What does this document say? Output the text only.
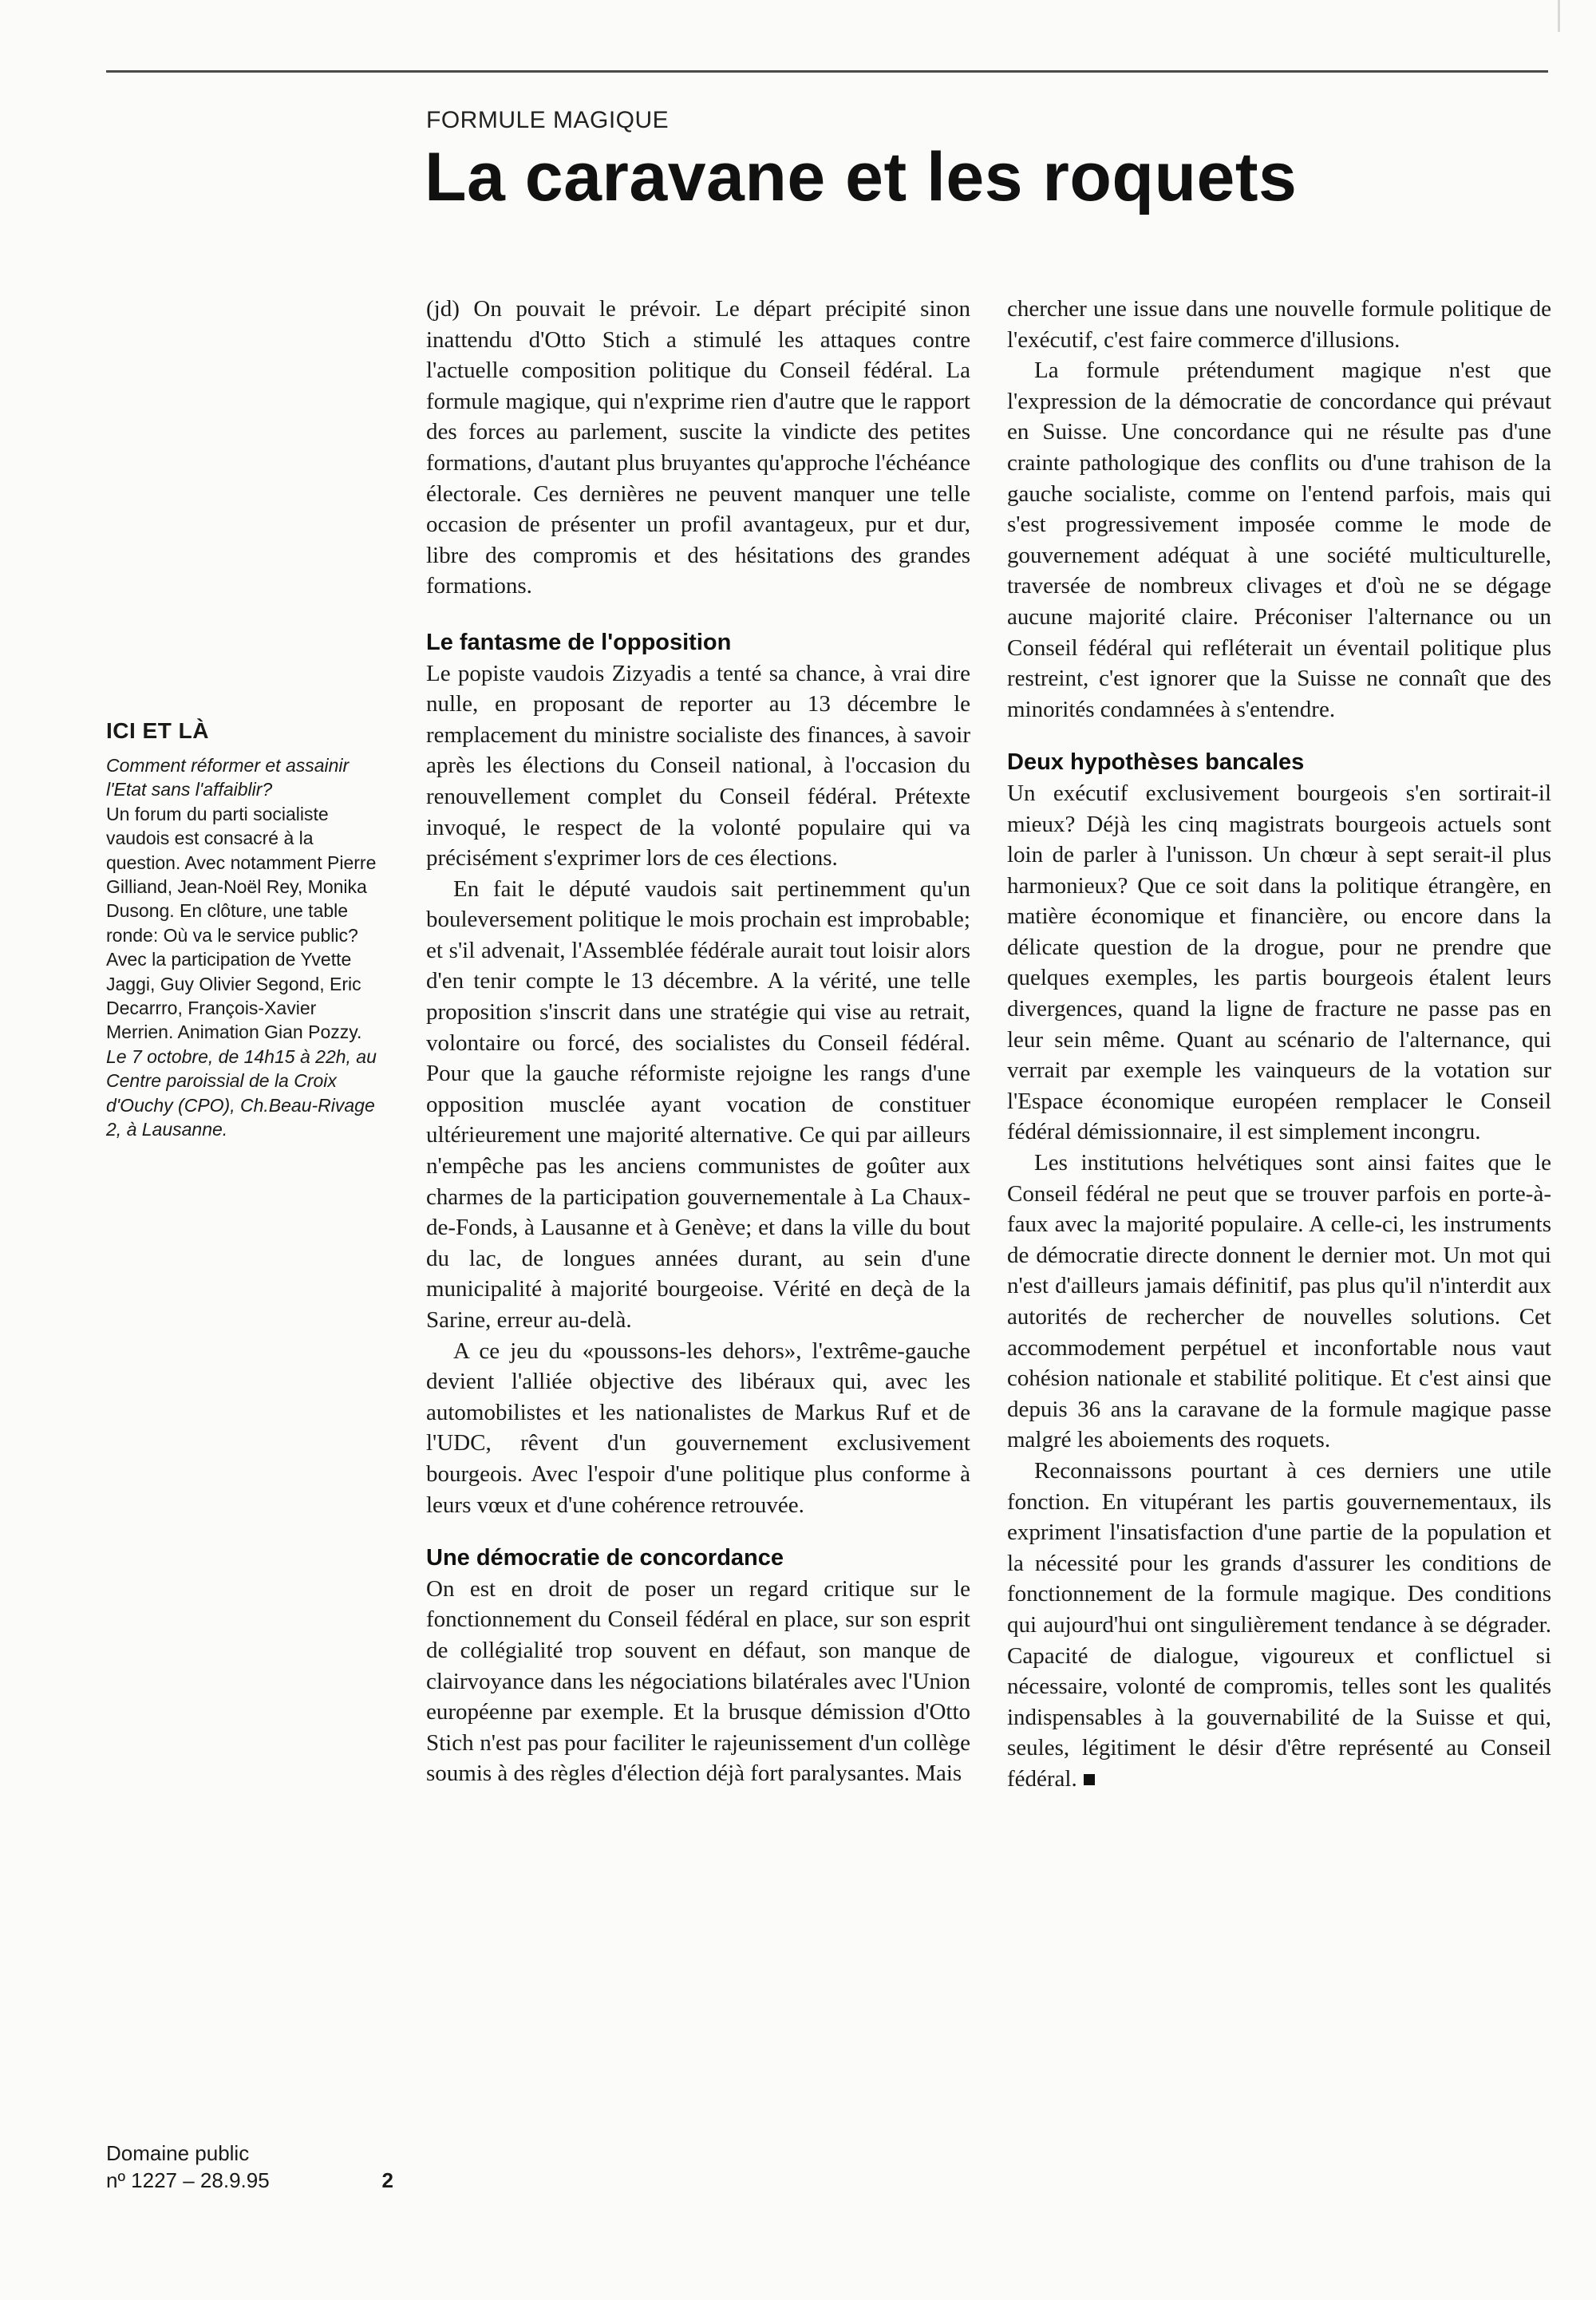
FORMULE MAGIQUE
La caravane et les roquets
ICI ET LÀ

Comment réformer et assainir l'Etat sans l'affaiblir?

Un forum du parti socialiste vaudois est consacré à la question. Avec notamment Pierre Gilliand, Jean-Noël Rey, Monika Dusong. En clôture, une table ronde: Où va le service public? Avec la participation de Yvette Jaggi, Guy Olivier Segond, Eric Decarrro, François-Xavier Merrien. Animation Gian Pozzy.

Le 7 octobre, de 14h15 à 22h, au Centre paroissial de la Croix d'Ouchy (CPO), Ch.Beau-Rivage 2, à Lausanne.

Domaine public
nº 1227 – 28.9.95	2

(jd) On pouvait le prévoir. Le départ précipité sinon inattendu d'Otto Stich a stimulé les attaques contre l'actuelle composition politique du Conseil fédéral. La formule magique, qui n'exprime rien d'autre que le rapport des forces au parlement, suscite la vindicte des petites formations, d'autant plus bruyantes qu'approche l'échéance électorale. Ces dernières ne peuvent manquer une telle occasion de présenter un profil avantageux, pur et dur, libre des compromis et des hésitations des grandes formations.

Le fantasme de l'opposition

Le popiste vaudois Zizyadis a tenté sa chance, à vrai dire nulle, en proposant de reporter au 13 décembre le remplacement du ministre socialiste des finances, à savoir après les élections du Conseil national, à l'occasion du renouvellement complet du Conseil fédéral. Prétexte invoqué, le respect de la volonté populaire qui va précisément s'exprimer lors de ces élections.

En fait le député vaudois sait pertinemment qu'un bouleversement politique le mois prochain est improbable; et s'il advenait, l'Assemblée fédérale aurait tout loisir alors d'en tenir compte le 13 décembre. A la vérité, une telle proposition s'inscrit dans une stratégie qui vise au retrait, volontaire ou forcé, des socialistes du Conseil fédéral. Pour que la gauche réformiste rejoigne les rangs d'une opposition musclée ayant vocation de constituer ultérieurement une majorité alternative. Ce qui par ailleurs n'empêche pas les anciens communistes de goûter aux charmes de la participation gouvernementale à La Chaux-de-Fonds, à Lausanne et à Genève; et dans la ville du bout du lac, de longues années durant, au sein d'une municipalité à majorité bourgeoise. Vérité en deçà de la Sarine, erreur au-delà.

A ce jeu du «poussons-les dehors», l'extrême-gauche devient l'alliée objective des libéraux qui, avec les automobilistes et les nationalistes de Markus Ruf et de l'UDC, rêvent d'un gouvernement exclusivement bourgeois. Avec l'espoir d'une politique plus conforme à leurs vœux et d'une cohérence retrouvée.

Une démocratie de concordance

On est en droit de poser un regard critique sur le fonctionnement du Conseil fédéral en place, sur son esprit de collégialité trop souvent en défaut, son manque de clairvoyance dans les négociations bilatérales avec l'Union européenne par exemple. Et la brusque démission d'Otto Stich n'est pas pour faciliter le rajeunissement d'un collège soumis à des règles d'élection déjà fort paralysantes. Mais

chercher une issue dans une nouvelle formule politique de l'exécutif, c'est faire commerce d'illusions.

La formule prétendument magique n'est que l'expression de la démocratie de concordance qui prévaut en Suisse. Une concordance qui ne résulte pas d'une crainte pathologique des conflits ou d'une trahison de la gauche socialiste, comme on l'entend parfois, mais qui s'est progressivement imposée comme le mode de gouvernement adéquat à une société multiculturelle, traversée de nombreux clivages et d'où ne se dégage aucune majorité claire. Préconiser l'alternance ou un Conseil fédéral qui refléterait un éventail politique plus restreint, c'est ignorer que la Suisse ne connaît que des minorités condamnées à s'entendre.

Deux hypothèses bancales

Un exécutif exclusivement bourgeois s'en sortirait-il mieux? Déjà les cinq magistrats bourgeois actuels sont loin de parler à l'unisson. Un chœur à sept serait-il plus harmonieux? Que ce soit dans la politique étrangère, en matière économique et financière, ou encore dans la délicate question de la drogue, pour ne prendre que quelques exemples, les partis bourgeois étalent leurs divergences, quand la ligne de fracture ne passe pas en leur sein même. Quant au scénario de l'alternance, qui verrait par exemple les vainqueurs de la votation sur l'Espace économique européen remplacer le Conseil fédéral démissionnaire, il est simplement incongru.

Les institutions helvétiques sont ainsi faites que le Conseil fédéral ne peut que se trouver parfois en porte-à-faux avec la majorité populaire. A celle-ci, les instruments de démocratie directe donnent le dernier mot. Un mot qui n'est d'ailleurs jamais définitif, pas plus qu'il n'interdit aux autorités de rechercher de nouvelles solutions. Cet accommodement perpétuel et inconfortable nous vaut cohésion nationale et stabilité politique. Et c'est ainsi que depuis 36 ans la caravane de la formule magique passe malgré les aboiements des roquets.

Reconnaissons pourtant à ces derniers une utile fonction. En vitupérant les partis gouvernementaux, ils expriment l'insatisfaction d'une partie de la population et la nécessité pour les grands d'assurer les conditions de fonctionnement de la formule magique. Des conditions qui aujourd'hui ont singulièrement tendance à se dégrader. Capacité de dialogue, vigoureux et conflictuel si nécessaire, volonté de compromis, telles sont les qualités indispensables à la gouvernabilité de la Suisse et qui, seules, légitiment le désir d'être représenté au Conseil fédéral.
